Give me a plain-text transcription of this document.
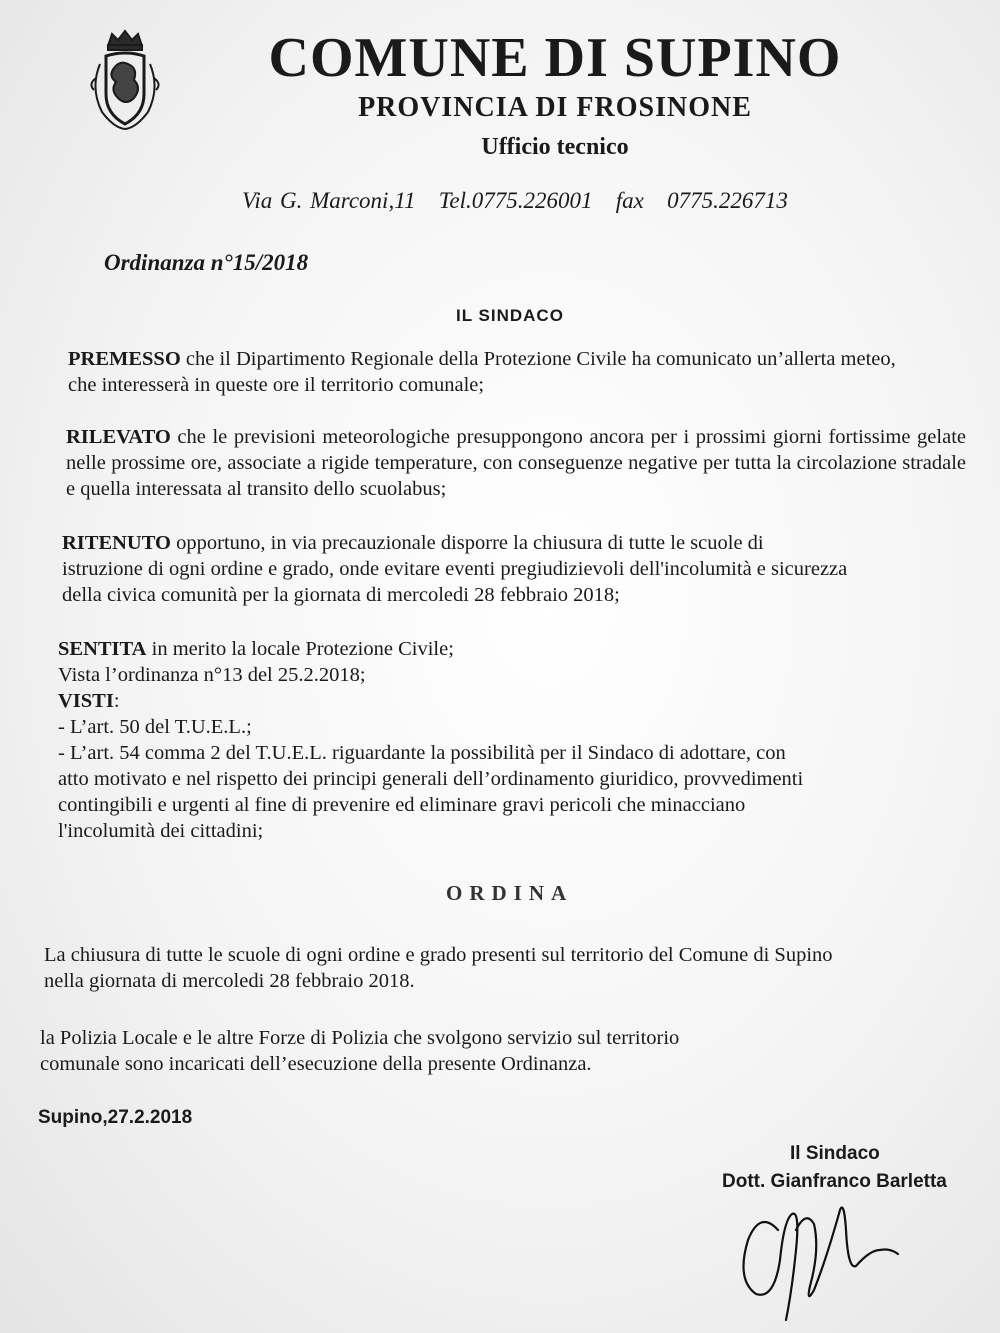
COMUNE DI SUPINO
PROVINCIA DI FROSINONE
Ufficio tecnico
Via G. Marconi,11   Tel.0775.226001   fax   0775.226713
Ordinanza n°15/2018
IL SINDACO
PREMESSO che il Dipartimento Regionale della Protezione Civile ha comunicato un’allerta meteo, che interesserà in queste ore il territorio comunale;
RILEVATO che le previsioni meteorologiche presuppongono ancora per i prossimi giorni fortissime gelate nelle prossime ore, associate a rigide temperature, con conseguenze negative per tutta la circolazione stradale e quella interessata al transito dello scuolabus;
RITENUTO opportuno, in via precauzionale disporre la chiusura di tutte le scuole di
istruzione di ogni ordine e grado, onde evitare eventi pregiudizievoli dell'incolumità e sicurezza
della civica comunità per la giornata di mercoledi 28 febbraio 2018;
SENTITA in merito la locale Protezione Civile;
Vista l’ordinanza n°13 del 25.2.2018;
VISTI:
- L’art. 50 del T.U.E.L.;
- L’art. 54 comma 2 del T.U.E.L. riguardante la possibilità per il Sindaco di adottare, con
atto motivato e nel rispetto dei principi generali dell’ordinamento giuridico, provvedimenti
contingibili e urgenti al fine di prevenire ed eliminare gravi pericoli che minacciano
l'incolumità dei cittadini;
ORDINA
La chiusura di tutte le scuole di ogni ordine e grado presenti sul territorio del Comune di Supino
nella giornata di mercoledi 28 febbraio 2018.
la Polizia Locale e le altre Forze di Polizia che svolgono servizio sul territorio
comunale sono incaricati dell’esecuzione della presente Ordinanza.
Supino,27.2.2018
Il Sindaco
Dott. Gianfranco Barletta
